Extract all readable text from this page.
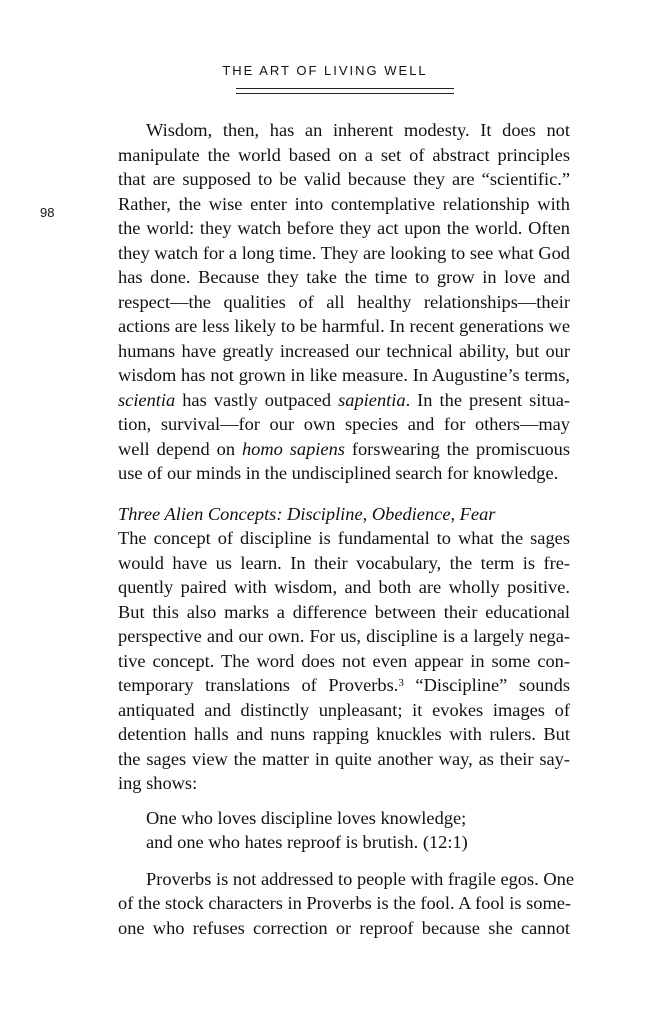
THE ART OF LIVING WELL
98
Wisdom, then, has an inherent modesty. It does not
manipulate the world based on a set of abstract principles
that are supposed to be valid because they are “scientific.”
Rather, the wise enter into contemplative relationship with
the world: they watch before they act upon the world. Often
they watch for a long time. They are looking to see what God
has done. Because they take the time to grow in love and
respect—the qualities of all healthy relationships—their
actions are less likely to be harmful. In recent generations we
humans have greatly increased our technical ability, but our
wisdom has not grown in like measure. In Augustine’s terms,
scientia has vastly outpaced sapientia. In the present situa-
tion, survival—for our own species and for others—may
well depend on homo sapiens forswearing the promiscuous
use of our minds in the undisciplined search for knowledge.
Three Alien Concepts: Discipline, Obedience, Fear
The concept of discipline is fundamental to what the sages
would have us learn. In their vocabulary, the term is fre-
quently paired with wisdom, and both are wholly positive.
But this also marks a difference between their educational
perspective and our own. For us, discipline is a largely nega-
tive concept. The word does not even appear in some con-
temporary translations of Proverbs.$^3$ “Discipline” sounds
antiquated and distinctly unpleasant; it evokes images of
detention halls and nuns rapping knuckles with rulers. But
the sages view the matter in quite another way, as their say-
ing shows:
One who loves discipline loves knowledge;
and one who hates reproof is brutish. (12:1)
Proverbs is not addressed to people with fragile egos. One
of the stock characters in Proverbs is the fool. A fool is some-
one who refuses correction or reproof because she cannot
